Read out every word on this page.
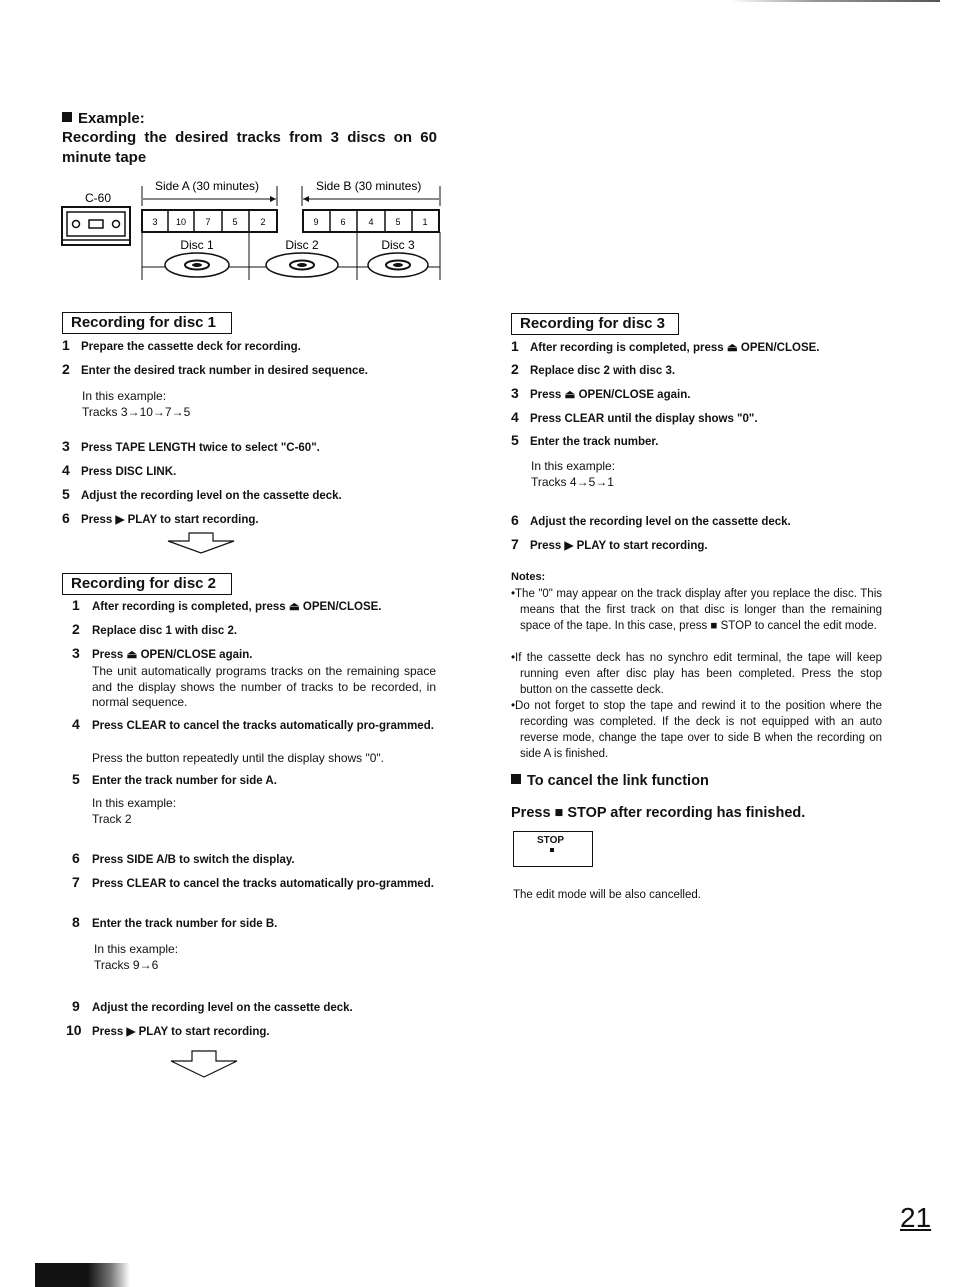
Example:
Recording the desired tracks from 3 discs on 60 minute tape
C-60
Side A (30 minutes)	Side B (30 minutes)
3 10 7 5	2	9 6	4 5 1
Disc 1	Disc 2	Disc 3
Recording for disc 1
1 Prepare the cassette deck for recording.
2 Enter the desired track number in desired sequence.
In this example:
Tracks 3→10→7→5
3 Press TAPE LENGTH twice to select "C-60".
4 Press DISC LINK.
5 Adjust the recording level on the cassette deck.
6 Press ▶ PLAY to start recording.
Recording for disc 2
1 After recording is completed, press ⏏ OPEN/CLOSE.
2 Replace disc 1 with disc 2.
3 Press ⏏ OPEN/CLOSE again.
The unit automatically programs tracks on the remaining space and the display shows the number of tracks to be recorded, in normal sequence.
4 Press CLEAR to cancel the tracks automatically pro-grammed.
Press the button repeatedly until the display shows "0".
5 Enter the track number for side A.
In this example:
Track 2
6 Press SIDE A/B to switch the display.
7 Press CLEAR to cancel the tracks automatically pro-grammed.
8 Enter the track number for side B.
In this example:
Tracks 9→6
9 Adjust the recording level on the cassette deck.
10 Press ▶ PLAY to start recording.
Recording for disc 3
1 After recording is completed, press ⏏ OPEN/CLOSE.
2 Replace disc 2 with disc 3.
3 Press ⏏ OPEN/CLOSE again.
4 Press CLEAR until the display shows "0".
5 Enter the track number.
In this example:
Tracks 4→5→1
6 Adjust the recording level on the cassette deck.
7 Press ▶ PLAY to start recording.
Notes:
•The "0" may appear on the track display after you replace the disc. This means that the first track on that disc is longer than the remaining space of the tape. In this case, press ■ STOP to cancel the edit mode.
•If the cassette deck has no synchro edit terminal, the tape will keep running even after disc play has been completed. Press the stop button on the cassette deck.
•Do not forget to stop the tape and rewind it to the position where the recording was completed. If the deck is not equipped with an auto reverse mode, change the tape over to side B when the recording on side A is finished.
To cancel the link function
Press ■ STOP after recording has finished.
STOP
The edit mode will be also cancelled.
21
